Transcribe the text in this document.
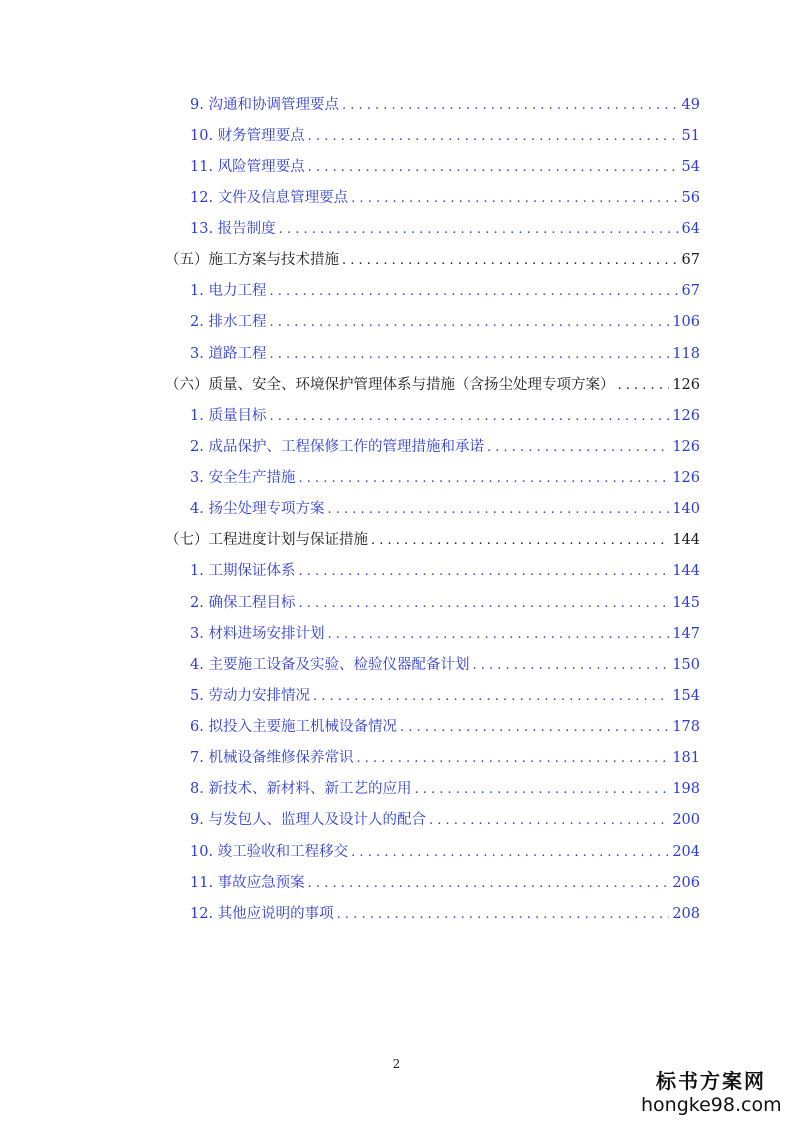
9. 沟通和协调管理要点 . . .	49
10. 财务管理要点 . . .	51
11. 风险管理要点 . . .	54
12. 文件及信息管理要点 . . .	56
13. 报告制度 . . .	64
（五）施工方案与技术措施 . . .	67
1. 电力工程 . . .	67
2. 排水工程 . . .	106
3. 道路工程 . . .	118
（六）质量、安全、环境保护管理体系与措施（含扬尘处理专项方案） . . .	126
1. 质量目标 . . .	126
2. 成品保护、工程保修工作的管理措施和承诺 . . .	126
3. 安全生产措施 . . .	126
4. 扬尘处理专项方案 . . .	140
（七）工程进度计划与保证措施 . . .	144
1. 工期保证体系 . . .	144
2. 确保工程目标 . . .	145
3. 材料进场安排计划 . . .	147
4. 主要施工设备及实验、检验仪器配备计划 . . .	150
5. 劳动力安排情况 . . .	154
6. 拟投入主要施工机械设备情况 . . .	178
7. 机械设备维修保养常识 . . .	181
8. 新技术、新材料、新工艺的应用 . . .	198
9. 与发包人、监理人及设计人的配合 . . .	200
10. 竣工验收和工程移交 . . .	204
11. 事故应急预案 . . .	206
12. 其他应说明的事项 . . .	208
2
标书方案网
hongke98.com
